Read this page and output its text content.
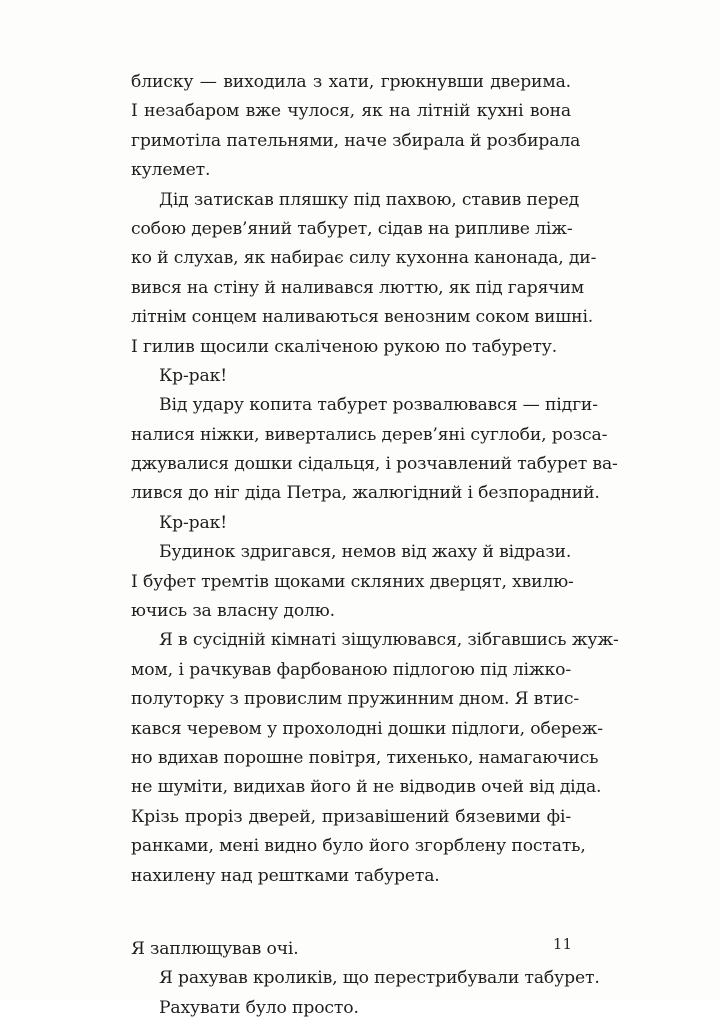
блиску — виходила з хати, грюкнувши дверима.
І незабаром вже чулося, як на літній кухні вона
гримотіла пательнями, наче збирала й розбирала
кулемет.
Дід затискав пляшку під пахвою, ставив перед
собою дерев’яний табурет, сідав на рипливе ліж-
ко й слухав, як набирає силу кухонна канонада, ди-
вився на стіну й наливався люттю, як під гарячим
літнім сонцем наливаються венозним соком вишні.
І гилив щосили скаліченою рукою по табурету.
Кр-рак!
Від удару копита табурет розвалювався — підги-
налися ніжки, вивертались дерев’яні суглоби, розса-
джувалися дошки сідальця, і розчавлений табурет ва-
лився до ніг діда Петра, жалюгідний і безпорадний.
Кр-рак!
Будинок здригався, немов від жаху й відрази.
І буфет тремтів щоками скляних дверцят, хвилю-
ючись за власну долю.
Я в сусідній кімнаті зіщулювався, зібгавшись жуж-
мом, і рачкував фарбованою підлогою під ліжко-
полуторку з провислим пружинним дном. Я втис-
кався черевом у прохолодні дошки підлоги, обереж-
но вдихав порошне повітря, тихенько, намагаючись
не шуміти, видихав його й не відводив очей від діда.
Крізь проріз дверей, призавішений бязевими фі-
ранками, мені видно було його згорблену постать,
нахилену над рештками табурета.
Я заплющував очі.
Я рахував кроликів, що перестрибували табурет.
Рахувати було просто.
11
